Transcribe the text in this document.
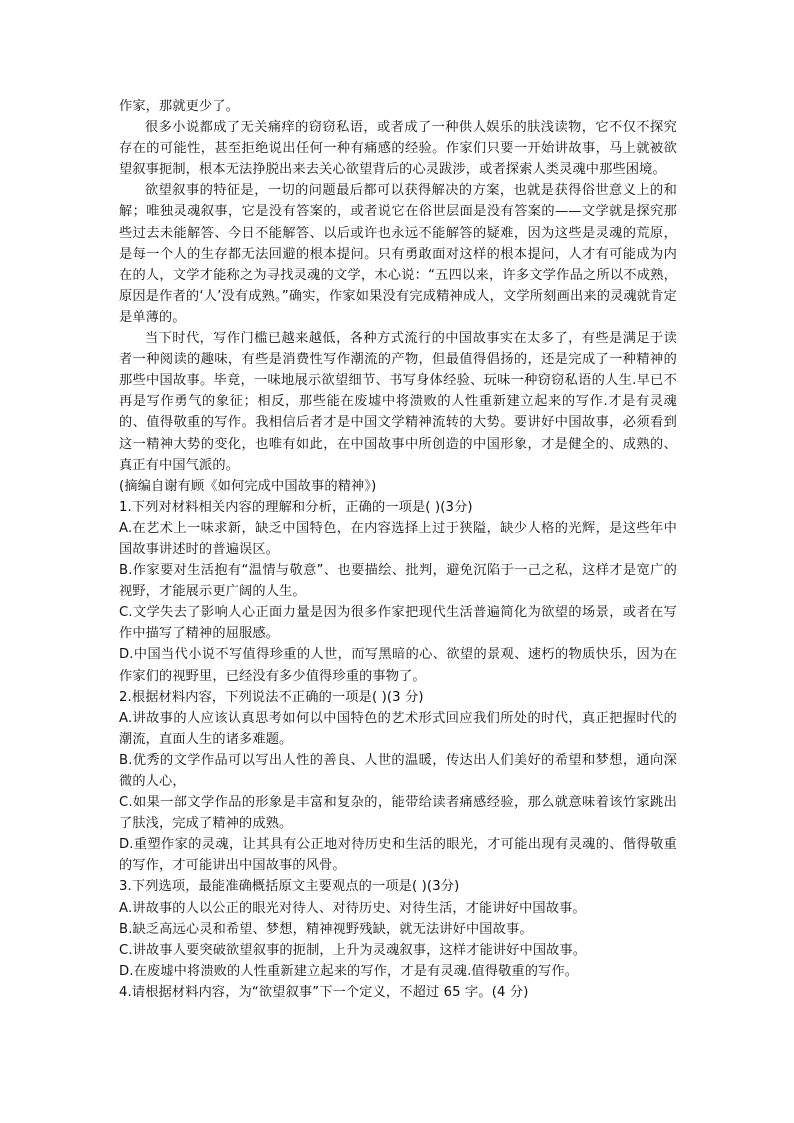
作家，那就更少了。

很多小说都成了无关痛痒的窃窃私语，或者成了一种供人娱乐的肤浅读物，它不仅不探究存在的可能性，甚至拒绝说出任何一种有痛感的经验。作家们只要一开始讲故事，马上就被欲望叙事扼制，根本无法挣脱出来去关心欲望背后的心灵跋涉，或者探索人类灵魂中那些困境。

欲望叙事的特征是，一切的问题最后都可以获得解决的方案，也就是获得俗世意义上的和解；唯独灵魂叙事，它是没有答案的，或者说它在俗世层面是没有答案的——文学就是探究那些过去未能解答、今日不能解答、以后或许也永远不能解答的疑难，因为这些是灵魂的荒原，是每一个人的生存都无法回避的根本提问。只有勇敢面对这样的根本提问，人才有可能成为内在的人，文学才能称之为寻找灵魂的文学，木心说：“五四以来，许多文学作品之所以不成熟，原因是作者的‘人’没有成熟。”确实，作家如果没有完成精神成人，文学所刻画出来的灵魂就肯定是单薄的。

当下时代，写作门槛已越来越低，各种方式流行的中国故事实在太多了，有些是满足于读者一种阅读的趣味，有些是消费性写作潮流的产物，但最值得倡扬的，还是完成了一种精神的那些中国故事。毕竟，一味地展示欲望细节、书写身体经验、玩味一种窃窃私语的人生.早已不再是写作勇气的象征；相反，那些能在废墟中将溃败的人性重新建立起来的写作.才是有灵魂的、值得敬重的写作。我相信后者才是中国文学精神流转的大势。要讲好中国故事，必须看到这一精神大势的变化，也唯有如此，在中国故事中所创造的中国形象，才是健全的、成熟的、真正有中国气派的。

(摘编自谢有顾《如何完成中国故事的精神》)

1.下列对材料相关内容的理解和分析，正确的一项是( )(3分)

A.在艺术上一味求新，缺乏中国特色，在内容选择上过于狭隘，缺少人格的光辉，是这些年中国故事讲述时的普遍误区。

B.作家要对生活抱有“温情与敬意”、也要描绘、批判，避免沉陷于一己之私，这样才是宽广的视野，才能展示更广阔的人生。

C.文学失去了影响人心正面力量是因为很多作家把现代生活普遍简化为欲望的场景，或者在写作中描写了精神的屈服感。

D.中国当代小说不写值得珍重的人世，而写黑暗的心、欲望的景观、速朽的物质快乐，因为在作家们的视野里，已经没有多少值得珍重的事物了。

2.根据材料内容，下列说法不正确的一项是( )(3 分)

A.讲故事的人应该认真思考如何以中国特色的艺术形式回应我们所处的时代，真正把握时代的潮流，直面人生的诸多难题。

B.优秀的文学作品可以写出人性的善良、人世的温暖，传达出人们美好的希望和梦想，通向深微的人心，

C.如果一部文学作品的形象是丰富和复杂的，能带给读者痛感经验，那么就意味着该竹家跳出了肤浅，完成了精神的成熟。

D.重塑作家的灵魂，让其具有公正地对待历史和生活的眼光，才可能出现有灵魂的、偕得敬重的写作，才可能讲出中国故事的风骨。

3.下列选项，最能准确概括原文主要观点的一项是( )(3分)

A.讲故事的人以公正的眼光对待人、对待历史、对待生活，才能讲好中国故事。

B.缺乏高远心灵和希望、梦想，精神视野残缺，就无法讲好中国故事。

C.讲故事人要突破欲望叙事的扼制，上升为灵魂叙事，这样才能讲好中国故事。

D.在废墟中将溃败的人性重新建立起来的写作，才是有灵魂.值得敬重的写作。

4.请根据材料内容，为“欲望叙事”下一个定义，不超过 65 字。(4 分)
